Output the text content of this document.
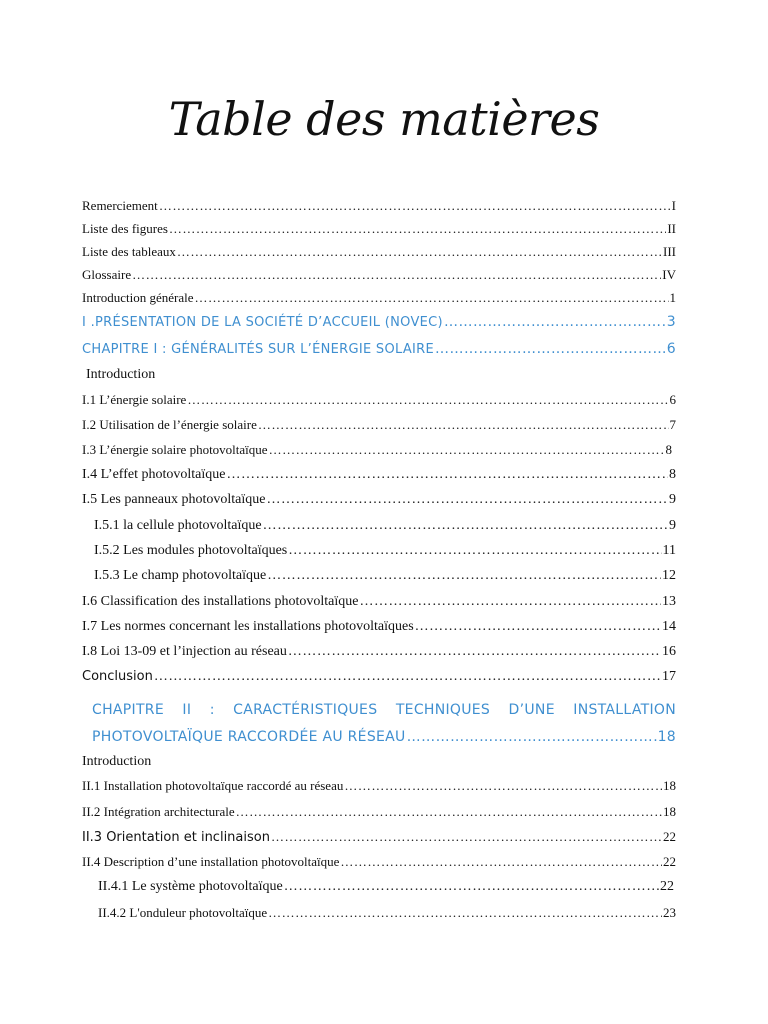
Table des matières
Remerciement ………………………………………………………………………………………………………………………………………………………………………………	I
Liste des figures ………………………………………………………………………………………………………………………………………………………………………………	II
Liste des tableaux ………………………………………………………………………………………………………………………………………………………………………………	III
Glossaire ………………………………………………………………………………………………………………………………………………………………………………	IV
Introduction générale ………………………………………………………………………………………………………………………………………………………………………………	1
I .PRÉSENTATION DE LA SOCIÉTÉ D’ACCUEIL (NOVEC) ………………………………………………………………………………………………………………………………………………………………………………	3
CHAPITRE I : GÉNÉRALITÉS SUR L’ÉNERGIE SOLAIRE ………………………………………………………………………………………………………………………………………………………………………………	6
Introduction
I.1 L’énergie solaire ………………………………………………………………………………………………………………………………………………………………………………	6
I.2 Utilisation de l’énergie solaire ………………………………………………………………………………………………………………………………………………………………………………	7
I.3 L’énergie solaire photovoltaïque ………………………………………………………………………………………………………………………………………………………………………………	8
I.4 L’effet photovoltaïque ………………………………………………………………………………………………………………………………………………………………………………	8
I.5 Les panneaux photovoltaïque ………………………………………………………………………………………………………………………………………………………………………………	9
I.5.1 la cellule photovoltaïque ………………………………………………………………………………………………………………………………………………………………………………	9
I.5.2 Les modules photovoltaïques ………………………………………………………………………………………………………………………………………………………………………………	11
I.5.3 Le champ photovoltaïque ………………………………………………………………………………………………………………………………………………………………………………	12
I.6 Classification des installations photovoltaïque ………………………………………………………………………………………………………………………………………………………………………………	13
I.7 Les normes concernant les installations photovoltaïques ………………………………………………………………………………………………………………………………………………………………………………	14
I.8 Loi 13-09 et l’injection au réseau ………………………………………………………………………………………………………………………………………………………………………………	16
Conclusion ………………………………………………………………………………………………………………………………………………………………………………	17
CHAPITRE II : CARACTÉRISTIQUES TECHNIQUES D’UNE INSTALLATION
PHOTOVOLTAÏQUE RACCORDÉE AU RÉSEAU ………………………………………………………………………………………………………………………………………………………………………………	18
Introduction
II.1 Installation photovoltaïque raccordé au réseau ………………………………………………………………………………………………………………………………………………………………………………	18
II.2 Intégration architecturale ………………………………………………………………………………………………………………………………………………………………………………	18
II.3 Orientation et inclinaison ………………………………………………………………………………………………………………………………………………………………………………	22
II.4 Description d’une installation photovoltaïque ………………………………………………………………………………………………………………………………………………………………………………	22
II.4.1 Le système photovoltaïque ………………………………………………………………………………………………………………………………………………………………………………	22
II.4.2 L'onduleur photovoltaïque ………………………………………………………………………………………………………………………………………………………………………………	23
